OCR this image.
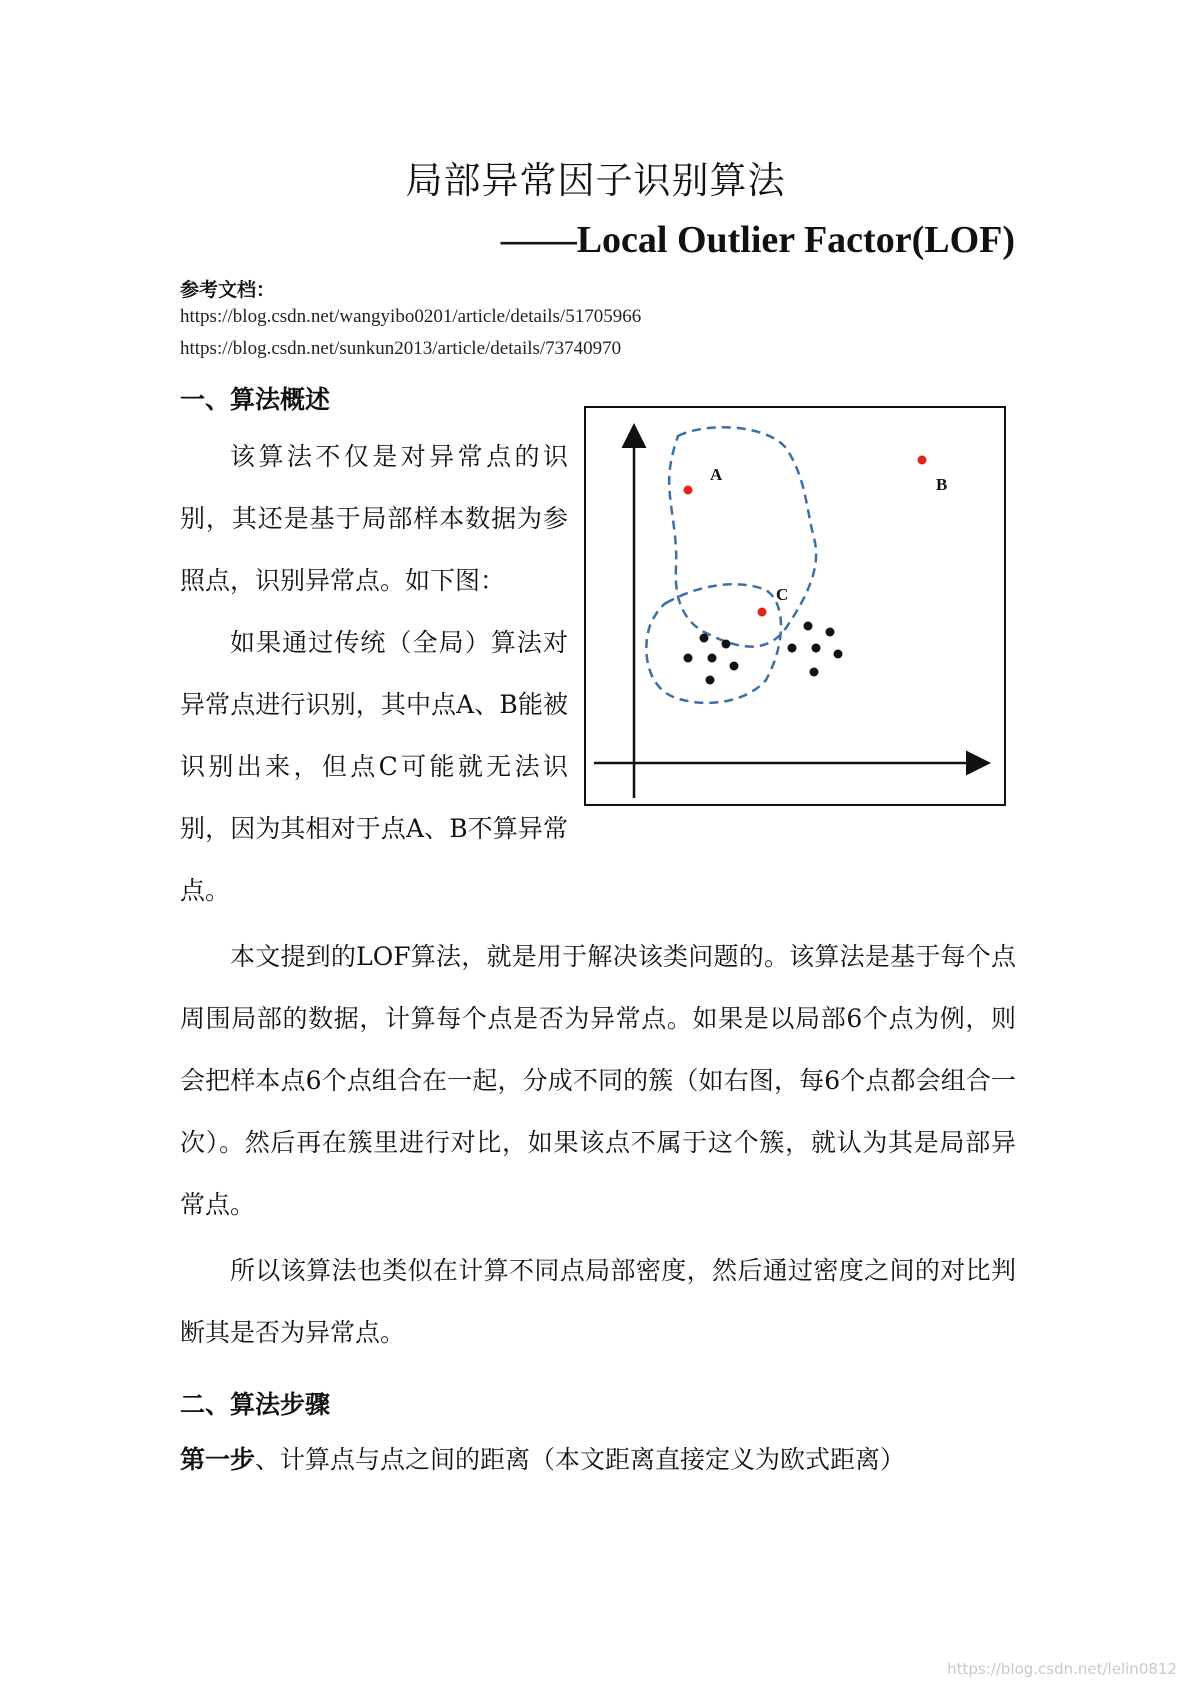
局部异常因子识别算法
——Local Outlier Factor(LOF)
参考文档：
https://blog.csdn.net/wangyibo0201/article/details/51705966
https://blog.csdn.net/sunkun2013/article/details/73740970
一、算法概述

该算法不仅是对异常点的识别，其还是基于局部样本数据为参照点，识别异常点。如下图：

如果通过传统（全局）算法对异常点进行识别，其中点A、B能被识别出来，但点C可能就无法识别，因为其相对于点A、B不算异常点。

A
B
C

本文提到的LOF算法，就是用于解决该类问题的。该算法是基于每个点周围局部的数据，计算每个点是否为异常点。如果是以局部6个点为例，则会把样本点6个点组合在一起，分成不同的簇（如右图，每6个点都会组合一次）。然后再在簇里进行对比，如果该点不属于这个簇，就认为其是局部异常点。

所以该算法也类似在计算不同点局部密度，然后通过密度之间的对比判断其是否为异常点。

二、算法步骤
第一步、计算点与点之间的距离（本文距离直接定义为欧式距离）
https://blog.csdn.net/lelin0812
